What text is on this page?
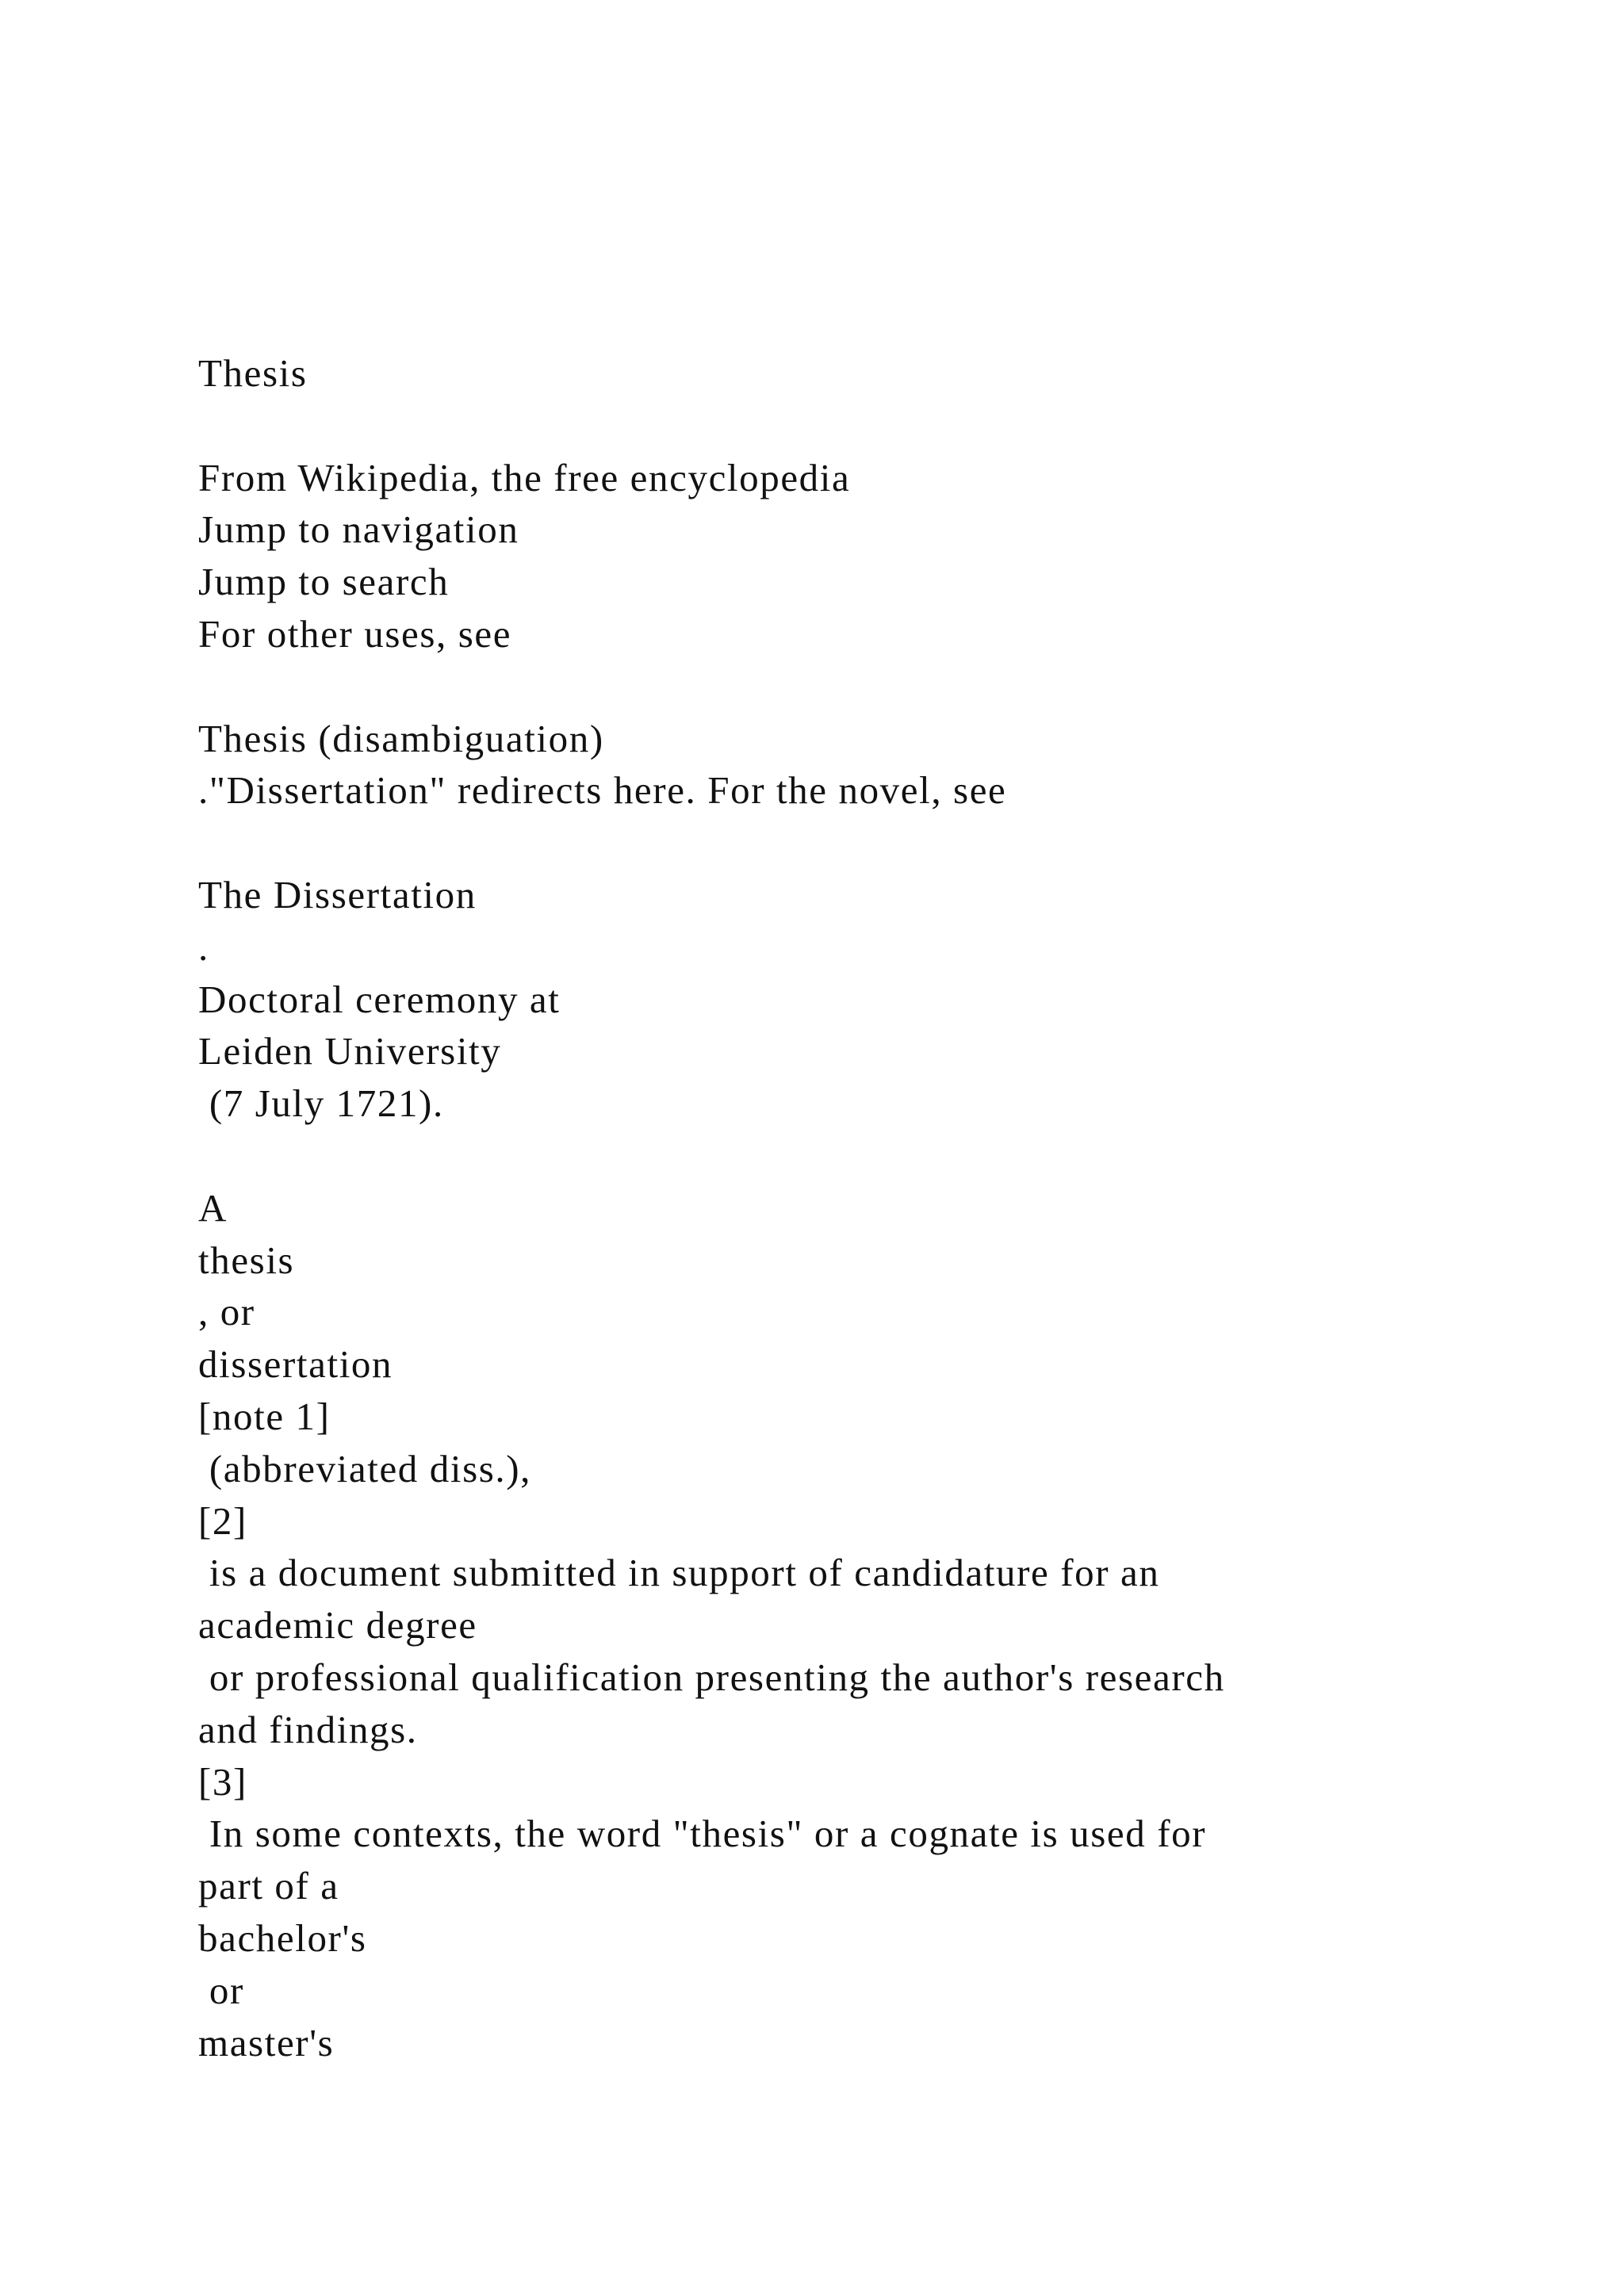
Thesis
From Wikipedia, the free encyclopedia
Jump to navigation
Jump to search
For other uses, see
Thesis (disambiguation)
."Dissertation" redirects here. For the novel, see
The Dissertation
.
Doctoral ceremony at
Leiden University
(7 July 1721).
A
thesis
, or
dissertation
[note 1]
(abbreviated diss.),
[2]
is a document submitted in support of candidature for an
academic degree
or professional qualification presenting the author's research
and findings.
[3]
In some contexts, the word "thesis" or a cognate is used for
part of a
bachelor's
or
master's
